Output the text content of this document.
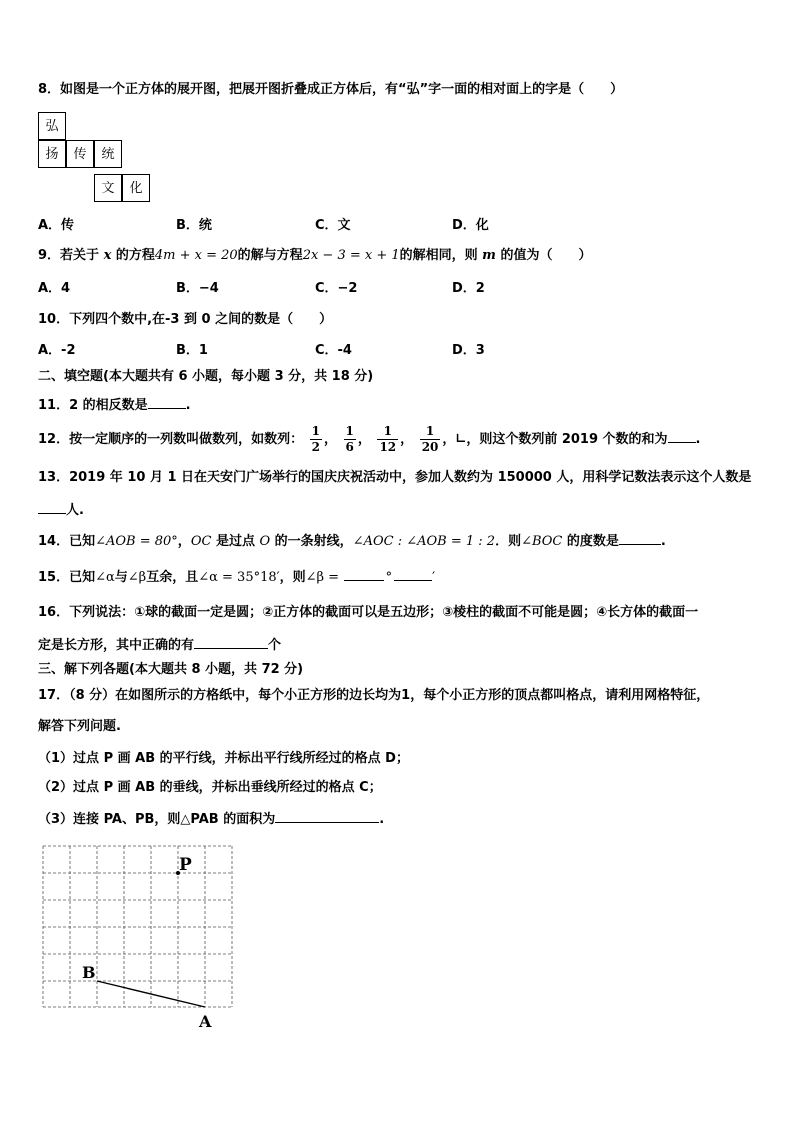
8．如图是一个正方体的展开图，把展开图折叠成正方体后，有“弘”字一面的相对面上的字是（　　）
弘
扬	传	统
文	化
A．传	B．统	C．文	D．化
9．若关于 x 的方程4m + x = 20的解与方程2x − 3 = x + 1的解相同，则 m 的值为（　　）
A．4	B．−4	C．−2	D．2
10．下列四个数中,在-3 到 0 之间的数是（　　）
A．-2	B．1	C．-4	D．3
二、填空题(本大题共有 6 小题，每小题 3 分，共 18 分)
11．2 的相反数是	.
12．按一定顺序的一列数叫做数列，如数列： $\frac{1}{2}$ ， $\frac{1}{6}$ ， $\frac{1}{12}$ ， $\frac{1}{20}$ ，∟，则这个数列前 2019 个数的和为 .
13．2019 年 10 月 1 日在天安门广场举行的国庆庆祝活动中，参加人数约为 150000 人，用科学记数法表示这个人数是
人.
14．已知∠AOB = 80°，OC 是过点 O 的一条射线，∠AOC : ∠AOB = 1 : 2．则∠BOC 的度数是	.
15．已知∠α与∠β互余，且∠α = 35°18′，则∠β =	°	′
16．下列说法：①球的截面一定是圆；②正方体的截面可以是五边形；③棱柱的截面不可能是圆；④长方体的截面一
定是长方形，其中正确的有	个
三、解下列各题(本大题共 8 小题，共 72 分)
17．（8 分）在如图所示的方格纸中，每个小正方形的边长均为1，每个小正方形的顶点都叫格点，请利用网格特征，
解答下列问题.
（1）过点 P 画 AB 的平行线，并标出平行线所经过的格点 D；
（2）过点 P 画 AB 的垂线，并标出垂线所经过的格点 C；
（3）连接 PA、PB，则△PAB 的面积为	.
P
B
A
